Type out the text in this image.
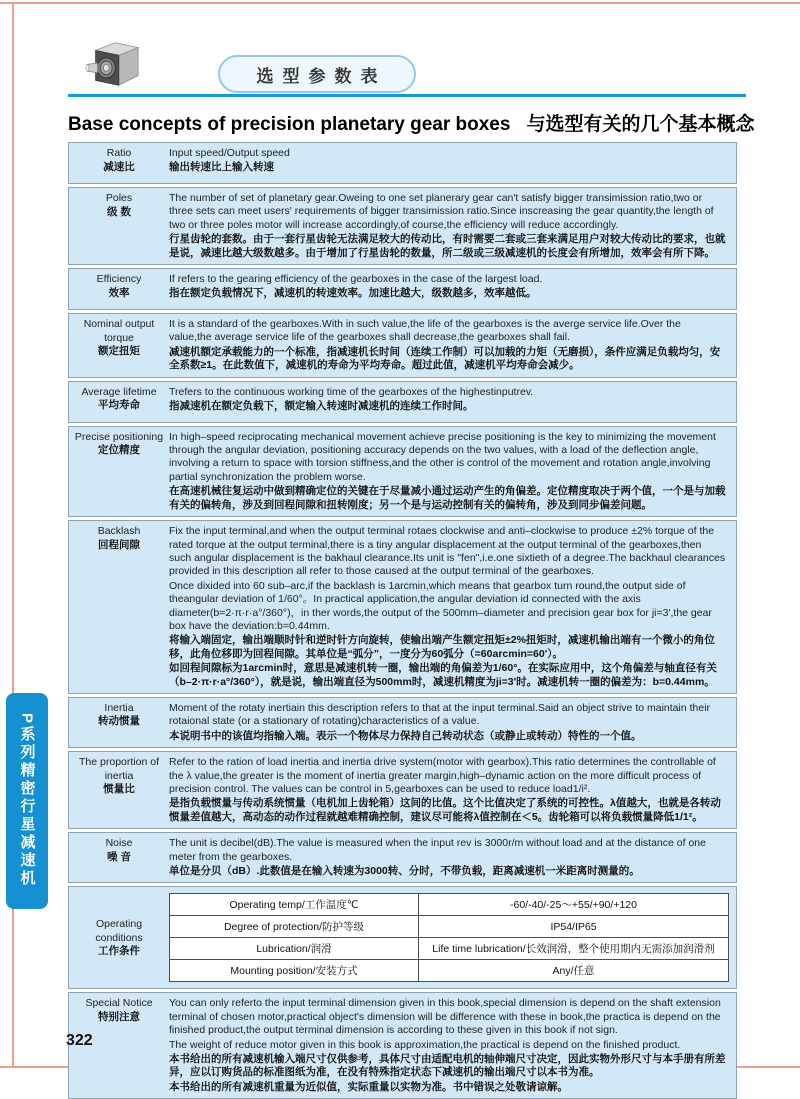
选型参数表
Base concepts of precision planetary gear boxes 与选型有关的几个基本概念
Ratio
减速比

Input speed/Output speed

输出转速比上输入转速

Poles
级 数

The number of set of planetary gear.Oweing to one set planerary gear can't satisfy bigger transimission ratio,two or three sets can meet users' requirements of bigger transimission ratio.Since inscreasing the gear quantity,the length of two or three poles motor will increase accordingly,of course,the efficiency will reduce accordingly.

行星齿轮的套数。由于一套行星齿轮无法满足较大的传动比，有时需要二套或三套来满足用户对较大传动比的要求，也就是说，减速比越大级数越多。由于增加了行星齿轮的数量，所二级或三级减速机的长度会有所增加，效率会有所下降。

Efficiency
效率

If refers to the gearing efficiency of the gearboxes in the case of the largest load.

指在额定负载情况下，减速机的转速效率。加速比越大，级数越多，效率越低。

Nominal output torque
额定扭矩

It is a standard of the gearboxes.With in such value,the life of the gearboxes is the averge service life.Over the value,the average service life of the gearboxes shall decrease,the gearboxes shall fail.

减速机额定承载能力的一个标准，指减速机长时间（连续工作制）可以加载的力矩（无磨损），条件应满足负载均匀，安全系数≥1。在此数值下，减速机的寿命为平均寿命。超过此值，减速机平均寿命会减少。

Average lifetime
平均寿命

Trefers to the continuous working time of the gearboxes of the highestinputrev.

指减速机在额定负载下，额定输入转速时减速机的连续工作时间。

Precise positioning
定位精度

In high–speed reciprocating mechanical movement achieve precise positioning is the key to minimizing the movement through the angular deviation, positioning accuracy depends on the two values, with a load of the deflection angle, involving a return to space with torsion stiffness,and the other is control of the movement and rotation angle,involving partial synchronization the problem worse.

在高速机械往复运动中做到精确定位的关键在于尽量减小通过运动产生的角偏差。定位精度取决于两个值，一个是与加载有关的偏转角，涉及到回程间隙和扭转刚度；另一个是与运动控制有关的偏转角，涉及到同步偏差问题。

Backlash
回程间隙

Fix the input terminal,and when the output terminal rotaes clockwise and anti–clockwise to produce ±2% torque of the rated torque at the output terminal,there is a tiny angular displacement at the output terminal of the gearboxes,then such angular displacement is the bakhaul clearance.Its unit is "fen",i.e.one sixtieth of a degree.The backhaul clearances provided in this description all refer to those caused at the output terminal of the gearboxes.

Once dixided into 60 sub–arc,if the backlash is 1arcmin,which means that gearbox turn round,the output side of theangular deviation of 1/60°。In practical application,the angular deviation id connected with the axis diameter(b=2·π·r·a°/360°)，in ther words,the output of the 500mm–diameter and precision gear box for ji=3',the gear box have the deviation:b=0.44mm.

将输入端固定，输出端顺时针和逆时针方向旋转，使输出端产生额定扭矩±2%扭矩时，减速机输出端有一个微小的角位移，此角位移即为回程间隙。其单位是“弧分”，一度分为60弧分（=60arcmin=60'）。

如回程间隙标为1arcmin时，意思是减速机转一圈，输出端的角偏差为1/60°。在实际应用中，这个角偏差与轴直径有关（b–2·π·r·a°/360°），就是说，输出端直径为500mm时，减速机精度为ji=3'时。减速机转一圈的偏差为：b=0.44mm。

Inertia
转动惯量

Moment of the rotaty inertiain this description refers to that at the input terminal.Said an object strive to maintain their rotaional state (or a stationary of rotating)characteristics of a value.

本说明书中的该值均指输入端。表示一个物体尽力保持自己转动状态（或静止或转动）特性的一个值。

The proportion of inertia
惯量比

Refer to the ration of load inertia and inertia drive system(motor with gearbox).This ratio determines the controllable of the λ value,the greater is the moment of inertia greater margin,high–dynamic action on the more difficult process of precision control. The values can be control in 5,gearboxes can be used to reduce load1/i².

是指负载惯量与传动系统惯量（电机加上齿轮箱）这间的比值。这个比值决定了系统的可控性。λ值越大，也就是各转动惯量差值越大，高动态的动作过程就越难精确控制，建议尽可能将λ值控制在＜5。齿轮箱可以将负载惯量降低1/1²。

Noise
噪 音

The unit is decibel(dB).The value is measured when the input rev is 3000r/m without load and at the distance of one meter from the gearboxes.

单位是分贝（dB）.此数值是在输入转速为3000转、分时，不带负载，距离减速机一米距离时测量的。

Operating conditions
工作条件
Operating temp/工作温度℃	-60/-40/-25～+55/+90/+120
Degree of protection/防护等级	IP54/IP65
Lubrication/润滑	Life time lubrication/长效润滑，整个使用期内无需添加润滑剂
Mounting position/安装方式	Any/任意
Special Notice
特别注意

You can only referto the input terminal dimension given in this book,special dimension is depend on the shaft extension terminal of chosen motor,practical object's dimension will be difference with these in book,the practica is depend on the finished product,the output terminal dimension is according to these given in this book if not sign.

The weight of reduce motor given in this book is approximation,the practical is depend on the finished product.

本书给出的所有减速机输入端尺寸仅供参考，具体尺寸由适配电机的轴伸端尺寸决定，因此实物外形尺寸与本手册有所差异，应以订购货品的标准图纸为准，在没有特殊指定状态下减速机的输出端尺寸以本书为准。

本书给出的所有减速机重量为近似值，实际重量以实物为准。书中错误之处敬请谅解。

P系列精密行星减速机
322
